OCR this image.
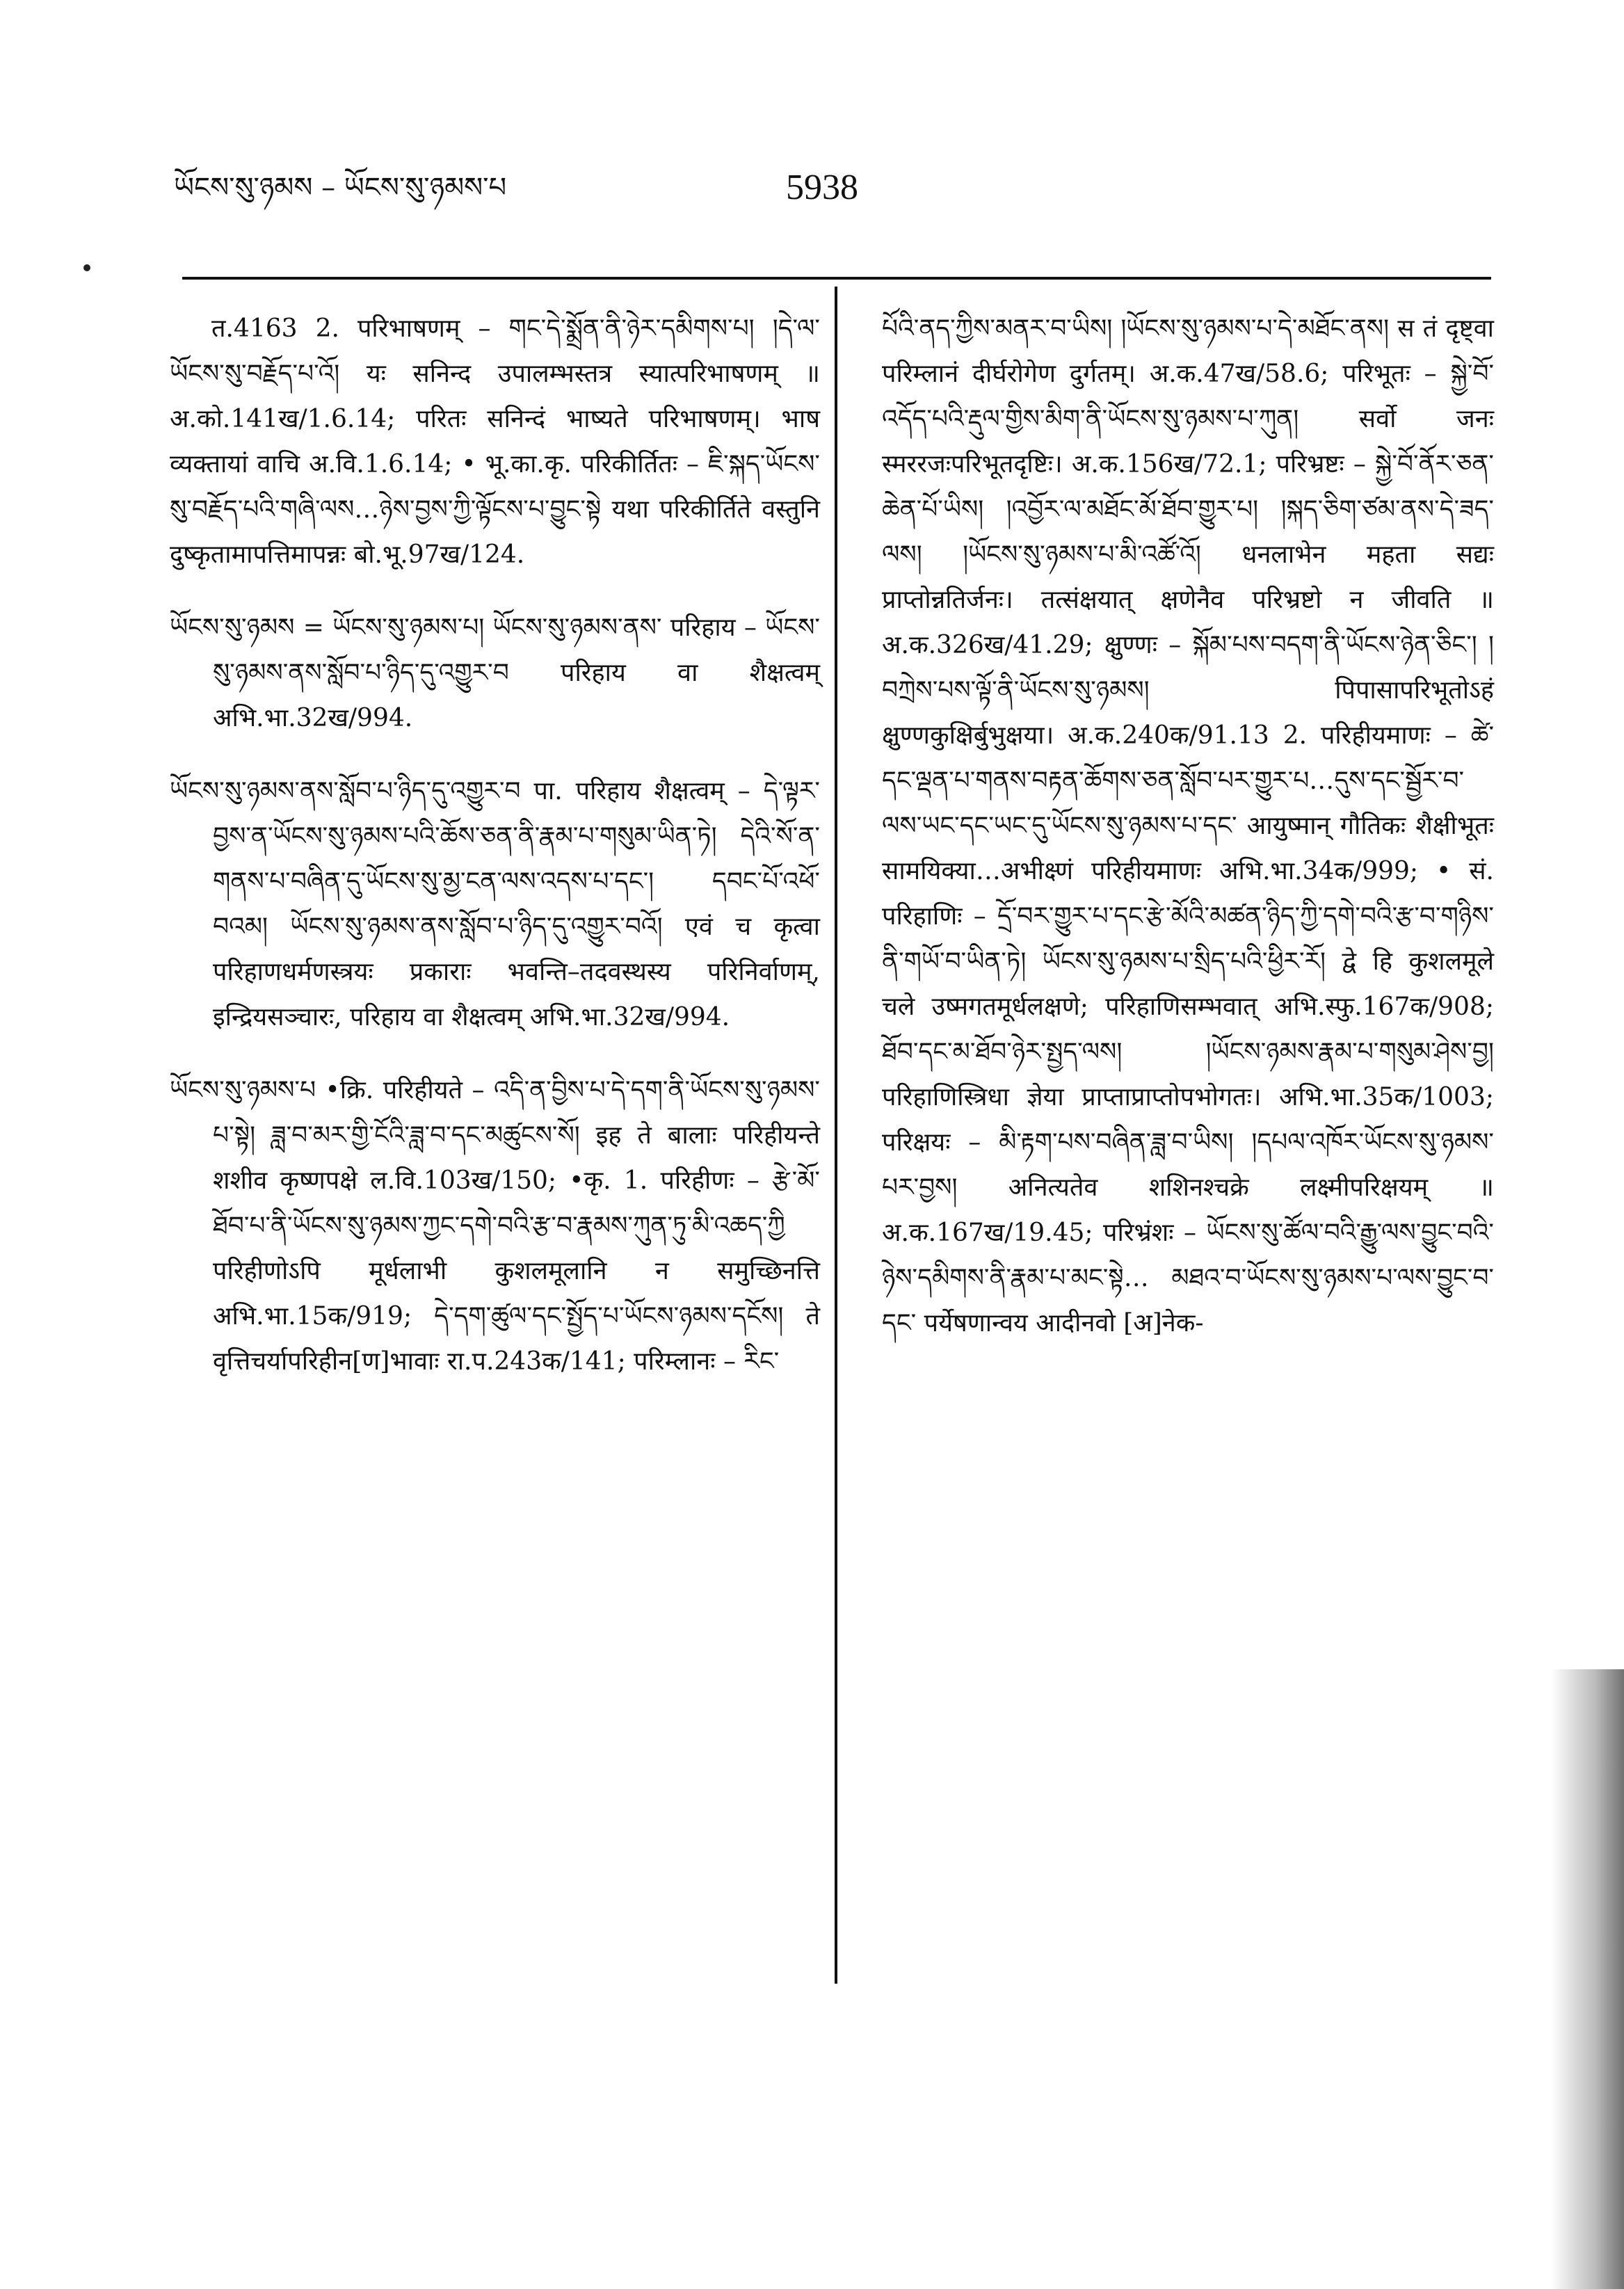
ཡོངས་སུ་ཉམས – ཡོངས་སུ་ཉམས་པ	5938

त.4163 2. परिभाषणम् – གང་དེ་སྨྲོན་ནི་ཉེར་དམིགས་པ། །དེ་ལ་ཡོངས་སུ་བརྗོད་པ་འོ། यः सनिन्द उपालम्भस्तत्र स्यात्परिभाषणम् ॥ अ.को.141ख/1.6.14; परितः सनिन्दं भाष्यते परिभाषणम्। भाष व्यक्तायां वाचि अ.वि.1.6.14; • भू.का.कृ. परिकीर्तितः – ཇི་སྐད་ཡོངས་སུ་བརྗོད་པའི་གཞི་ལས…ཉེས་བྱས་ཀྱི་ལྟོངས་པ་བྱུང་སྟེ यथा परिकीर्तिते वस्तुनि दुष्कृतामापत्तिमापन्नः बो.भू.97ख/124.

ཡོངས་སུ་ཉམས = ཡོངས་སུ་ཉམས་པ། ཡོངས་སུ་ཉམས་ནས་ परिहाय – ཡོངས་སུ་ཉམས་ནས་སློབ་པ་ཉིད་དུ་འགྱུར་བ परिहाय वा शैक्षत्वम् अभि.भा.32ख/994.

ཡོངས་སུ་ཉམས་ནས་སློབ་པ་ཉིད་དུ་འགྱུར་བ पा. परिहाय शैक्षत्वम् – དེ་ལྟར་བྱས་ན་ཡོངས་སུ་ཉམས་པའི་ཆོས་ཅན་ནི་རྣམ་པ་གསུམ་ཡིན་ཏེ། དེའི་སོ་ན་གནས་པ་བཞིན་དུ་ཡོངས་སུ་མྱ་ངན་ལས་འདས་པ་དང་། དབང་པོ་འཕོ་བའམ། ཡོངས་སུ་ཉམས་ནས་སློབ་པ་ཉིད་དུ་འགྱུར་བའོ། एवं च कृत्वा परिहाणधर्मणस्त्रयः प्रकाराः भवन्ति–तदवस्थस्य परिनिर्वाणम्, इन्द्रियसञ्चारः, परिहाय वा शैक्षत्वम् अभि.भा.32ख/994.

ཡོངས་སུ་ཉམས་པ •क्रि. परिहीयते – འདི་ན་བྱིས་པ་དེ་དག་ནི་ཡོངས་སུ་ཉམས་པ་སྟེ། ཟླ་བ་མར་གྱི་ངོའི་ཟླ་བ་དང་མཚུངས་སོ། इह ते बालाः परिहीयन्ते शशीव कृष्णपक्षे ल.वि.103ख/150; •कृ. 1. परिहीणः – རྩེ་མོ་ཐོབ་པ་ནི་ཡོངས་སུ་ཉམས་ཀྱང་དགེ་བའི་རྩ་བ་རྣམས་ཀུན་ཏུ་མི་འཆད་ཀྱི परिहीणोऽपि मूर्धलाभी कुशलमूलानि न समुच्छिनत्ति अभि.भा.15क/919; དེ་དག་ཚུལ་དང་སྤྱོད་པ་ཡོངས་ཉམས་དངོས། ते वृत्तिचर्यापरिहीन[ण]भावाः रा.प.243क/141; परिम्लानः – རིང་

པོའི་ནད་ཀྱིས་མནར་བ་ཡིས། །ཡོངས་སུ་ཉམས་པ་དེ་མཐོང་ནས། स तं दृष्ट्वा परिम्लानं दीर्घरोगेण दुर्गतम्। अ.क.47ख/58.6; परिभूतः – སྐྱེ་བོ་འདོད་པའི་རྡུལ་གྱིས་མིག་ནི་ཡོངས་སུ་ཉམས་པ་ཀུན། सर्वो जनः स्मररजःपरिभूतदृष्टिः। अ.क.156ख/72.1; परिभ्रष्टः – སྐྱེ་བོ་ནོར་ཅན་ཆེན་པོ་ཡིས། །འབྱོར་ལ་མཐོང་མོ་ཐོབ་གྱུར་པ། །སྐད་ཅིག་ཙམ་ནས་དེ་ཟད་ལས། །ཡོངས་སུ་ཉམས་པ་མི་འཚོ་འོ། धनलाभेन महता सद्यः प्राप्तोन्नतिर्जनः। तत्संक्षयात् क्षणेनैव परिभ्रष्टो न जीवति ॥ अ.क.326ख/41.29; क्षुण्णः – སྐོམ་པས་བདག་ནི་ཡོངས་ཉེན་ཅིང་། །བཀྲེས་པས་ལྟོ་ནི་ཡོངས་སུ་ཉམས། पिपासापरिभूतोऽहं क्षुण्णकुक्षिर्बुभुक्षया। अ.क.240क/91.13 2. परिहीयमाणः – ཚེ་དང་ལྡན་པ་གནས་བརྟན་ཆོགས་ཅན་སློབ་པར་གྱུར་པ…དུས་དང་སྦྱོར་བ་ལས་ཡང་དང་ཡང་དུ་ཡོངས་སུ་ཉམས་པ་དང་ आयुष्मान् गौतिकः शैक्षीभूतः सामयिक्या…अभीक्ष्णं परिहीयमाणः अभि.भा.34क/999; • सं. परिहाणिः – དྲོ་བར་གྱུར་པ་དང་རྩེ་མོའི་མཚན་ཉིད་ཀྱི་དགེ་བའི་རྩ་བ་གཉིས་ནི་གཡོ་བ་ཡིན་ཏེ། ཡོངས་སུ་ཉམས་པ་སྲིད་པའི་ཕྱིར་རོ། द्वे हि कुशलमूले चले उष्मगतमूर्धलक्षणे; परिहाणिसम्भवात् अभि.स्फु.167क/908; ཐོབ་དང་མ་ཐོབ་ཉེར་སྤྱད་ལས། །ཡོངས་ཉམས་རྣམ་པ་གསུམ་ཤེས་བྱ། परिहाणिस्त्रिधा ज्ञेया प्राप्ताप्राप्तोपभोगतः। अभि.भा.35क/1003; परिक्षयः – མི་རྟག་པས་བཞིན་ཟླ་བ་ཡིས། །དཔལ་འཁོར་ཡོངས་སུ་ཉམས་པར་བྱས། अनित्यतेव शशिनश्चक्रे लक्ष्मीपरिक्षयम् ॥ अ.क.167ख/19.45; परिभ्रंशः – ཡོངས་སུ་ཚོལ་བའི་རྒྱུ་ལས་བྱུང་བའི་ཉེས་དམིགས་ནི་རྣམ་པ་མང་སྟེ… མཐའ་བ་ཡོངས་སུ་ཉམས་པ་ལས་བྱུང་བ་དང་ पर्येषणान्वय आदीनवो [अ]नेक-
